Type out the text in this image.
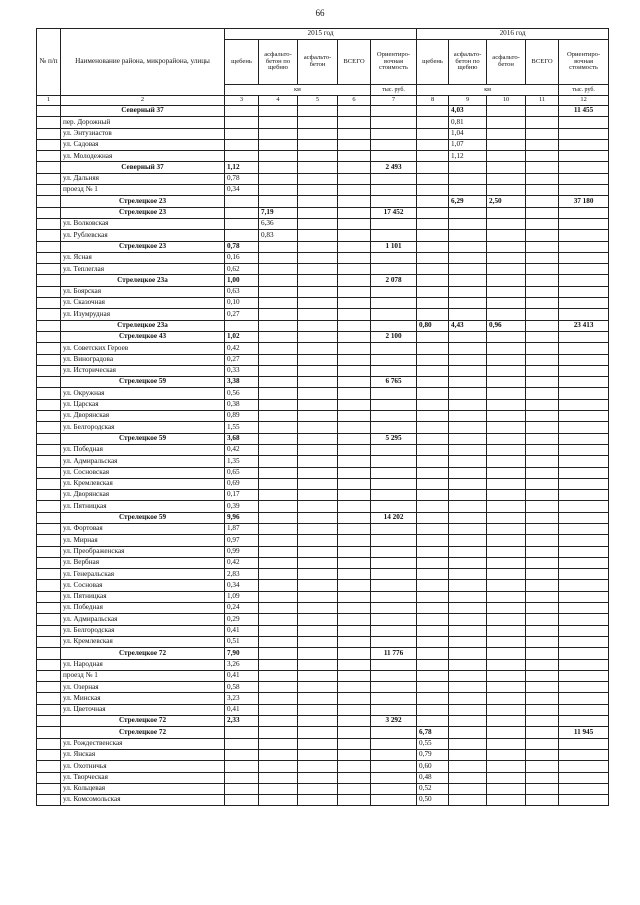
66
№ п/п	Наименование района, микрорайона, улицы	2015 год					2016 год				
		щебень	асфальто-бетон по щебню	асфальто-бетон	ВСЕГО	Ориентиро-вочная стоимость	щебень	асфальто-бетон по щебню	асфальто-бетон	ВСЕГО	Ориентиро-вочная стоимость
		км				тыс. руб.	км				тыс. руб.
1	2	3	4	5	6	7	8	9	10	11	12
	Северный 37							4,03			11 455
	пер. Дорожный							0,81			
	ул. Энтузиастов							1,04			
	ул. Садовая							1,07			
	ул. Молодежная							1,12			
	Северный 37	1,12				2 493					
	ул. Дальняя	0,78									
	проезд № 1	0,34									
	Стрелецкое 23							6,29	2,50		37 180
	Стрелецкое 23		7,19			17 452					
	ул. Волковская		6,36								
	ул. Рублевская		0,83								
	Стрелецкое 23	0,78				1 101					
	ул. Ясная	0,16									
	ул. Теплеглая	0,62									
	Стрелецкое 23а	1,00				2 078					
	ул. Боярская	0,63									
	ул. Сказочная	0,10									
	ул. Изумрудная	0,27									
	Стрелецкое 23а						0,80	4,43	0,96		23 413
	Стрелецкое 43	1,02				2 100					
	ул. Советских Героев	0,42									
	ул. Виноградова	0,27									
	ул. Историческая	0,33									
	Стрелецкое 59	3,38				6 765					
	ул. Окружная	0,56									
	ул. Царская	0,38									
	ул. Дворянская	0,89									
	ул. Белгородская	1,55									
	Стрелецкое 59	3,68				5 295					
	ул. Победная	0,42									
	ул. Адмиральская	1,35									
	ул. Сосновская	0,65									
	ул. Кремлевская	0,69									
	ул. Дворянская	0,17									
	ул. Пятницкая	0,39									
	Стрелецкое 59	9,96				14 202					
	ул. Фортовая	1,87									
	ул. Мирная	0,97									
	ул. Преображенская	0,99									
	ул. Вербная	0,42									
	ул. Генеральская	2,83									
	ул. Сосновая	0,34									
	ул. Пятницкая	1,09									
	ул. Победная	0,24									
	ул. Адмиральская	0,29									
	ул. Белгородская	0,41									
	ул. Кремлевская	0,51									
	Стрелецкое 72	7,90				11 776					
	ул. Народная	3,26									
	проезд № 1	0,41									
	ул. Озерная	0,58									
	ул. Минская	3,23									
	ул. Цветочная	0,41									
	Стрелецкое 72	2,33				3 292					
	Стрелецкое 72						6,78				11 945
	ул. Рождественская						0,55				
	ул. Янская						0,79				
	ул. Охотничья						0,60				
	ул. Творческая						0,48				
	ул. Кольцевая						0,52				
	ул. Комсомольская						0,50				
